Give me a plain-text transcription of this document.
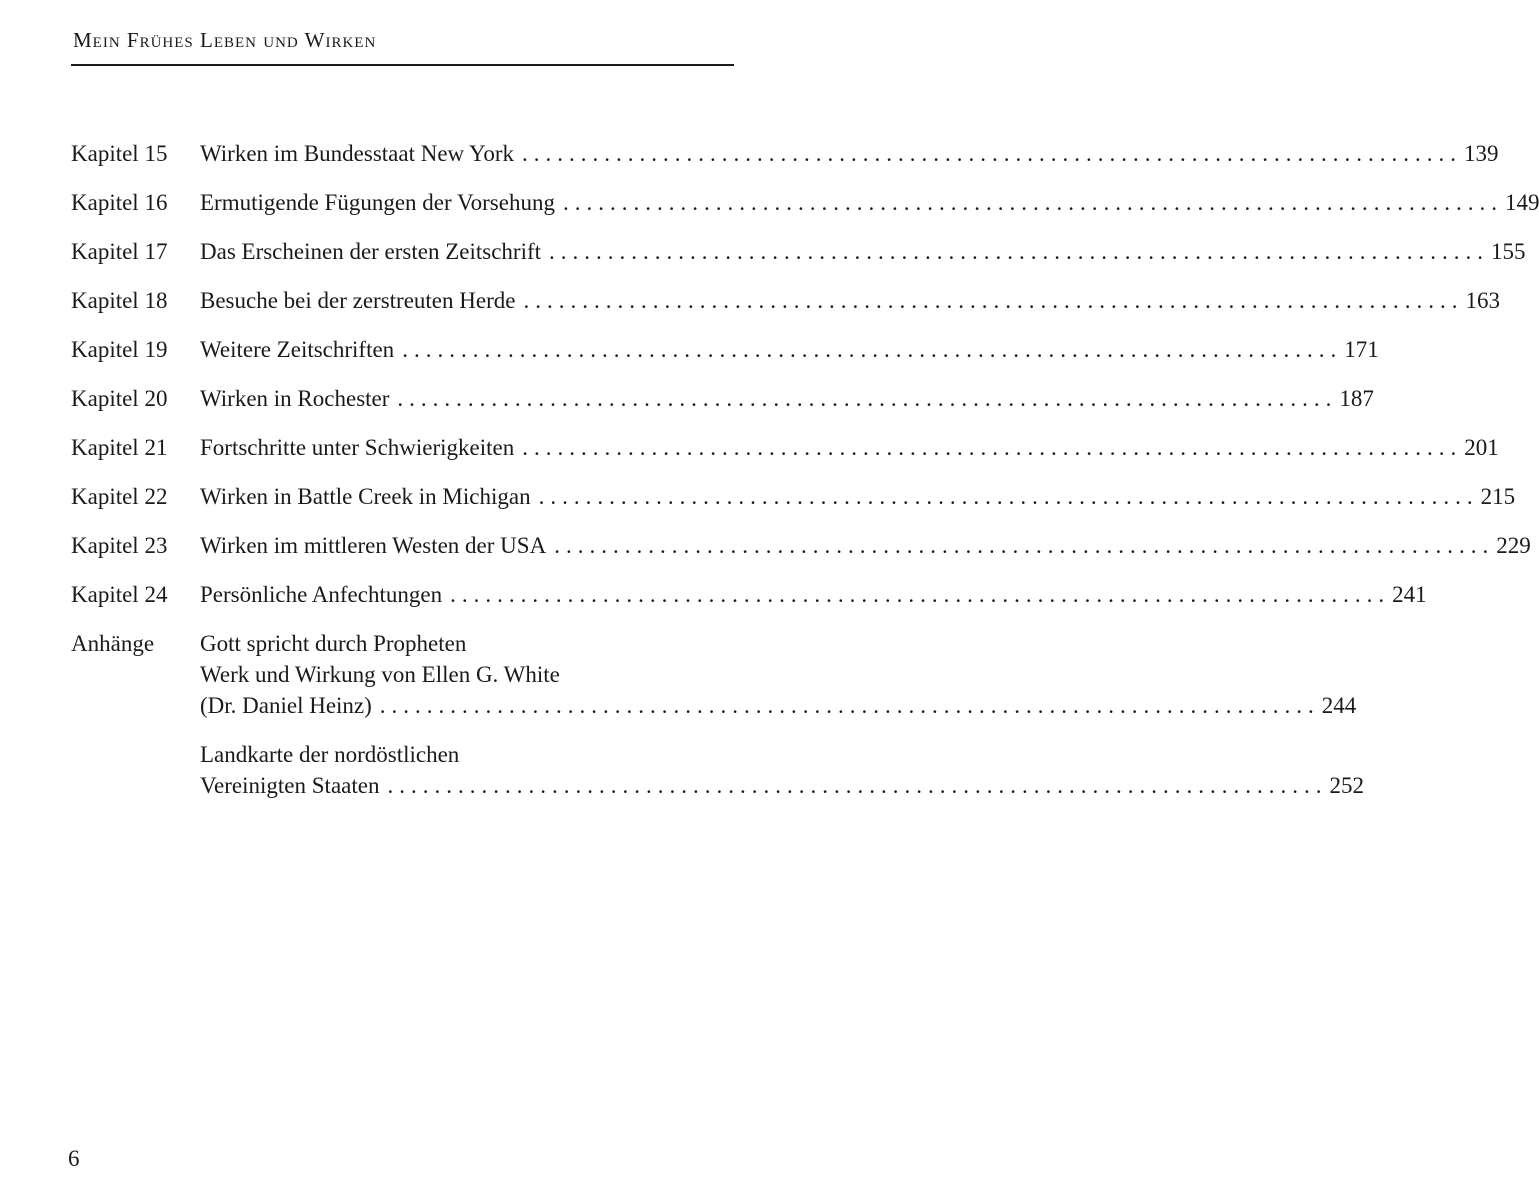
Mein Frühes Leben und Wirken
Kapitel 15	Wirken im Bundesstaat New York ................................................................................ 139
Kapitel 16	Ermutigende Fügungen der Vorsehung ................................................................................ 149
Kapitel 17	Das Erscheinen der ersten Zeitschrift ................................................................................ 155
Kapitel 18	Besuche bei der zerstreuten Herde ................................................................................ 163
Kapitel 19	Weitere Zeitschriften ................................................................................ 171
Kapitel 20	Wirken in Rochester ................................................................................ 187
Kapitel 21	Fortschritte unter Schwierigkeiten ................................................................................ 201
Kapitel 22	Wirken in Battle Creek in Michigan ................................................................................ 215
Kapitel 23	Wirken im mittleren Westen der USA ................................................................................ 229
Kapitel 24	Persönliche Anfechtungen ................................................................................ 241
Anhänge	Gott spricht durch Propheten
Werk und Wirkung von Ellen G. White
(Dr. Daniel Heinz) ................................................................................ 244
Landkarte der nordöstlichen
Vereinigten Staaten ................................................................................ 252
6
